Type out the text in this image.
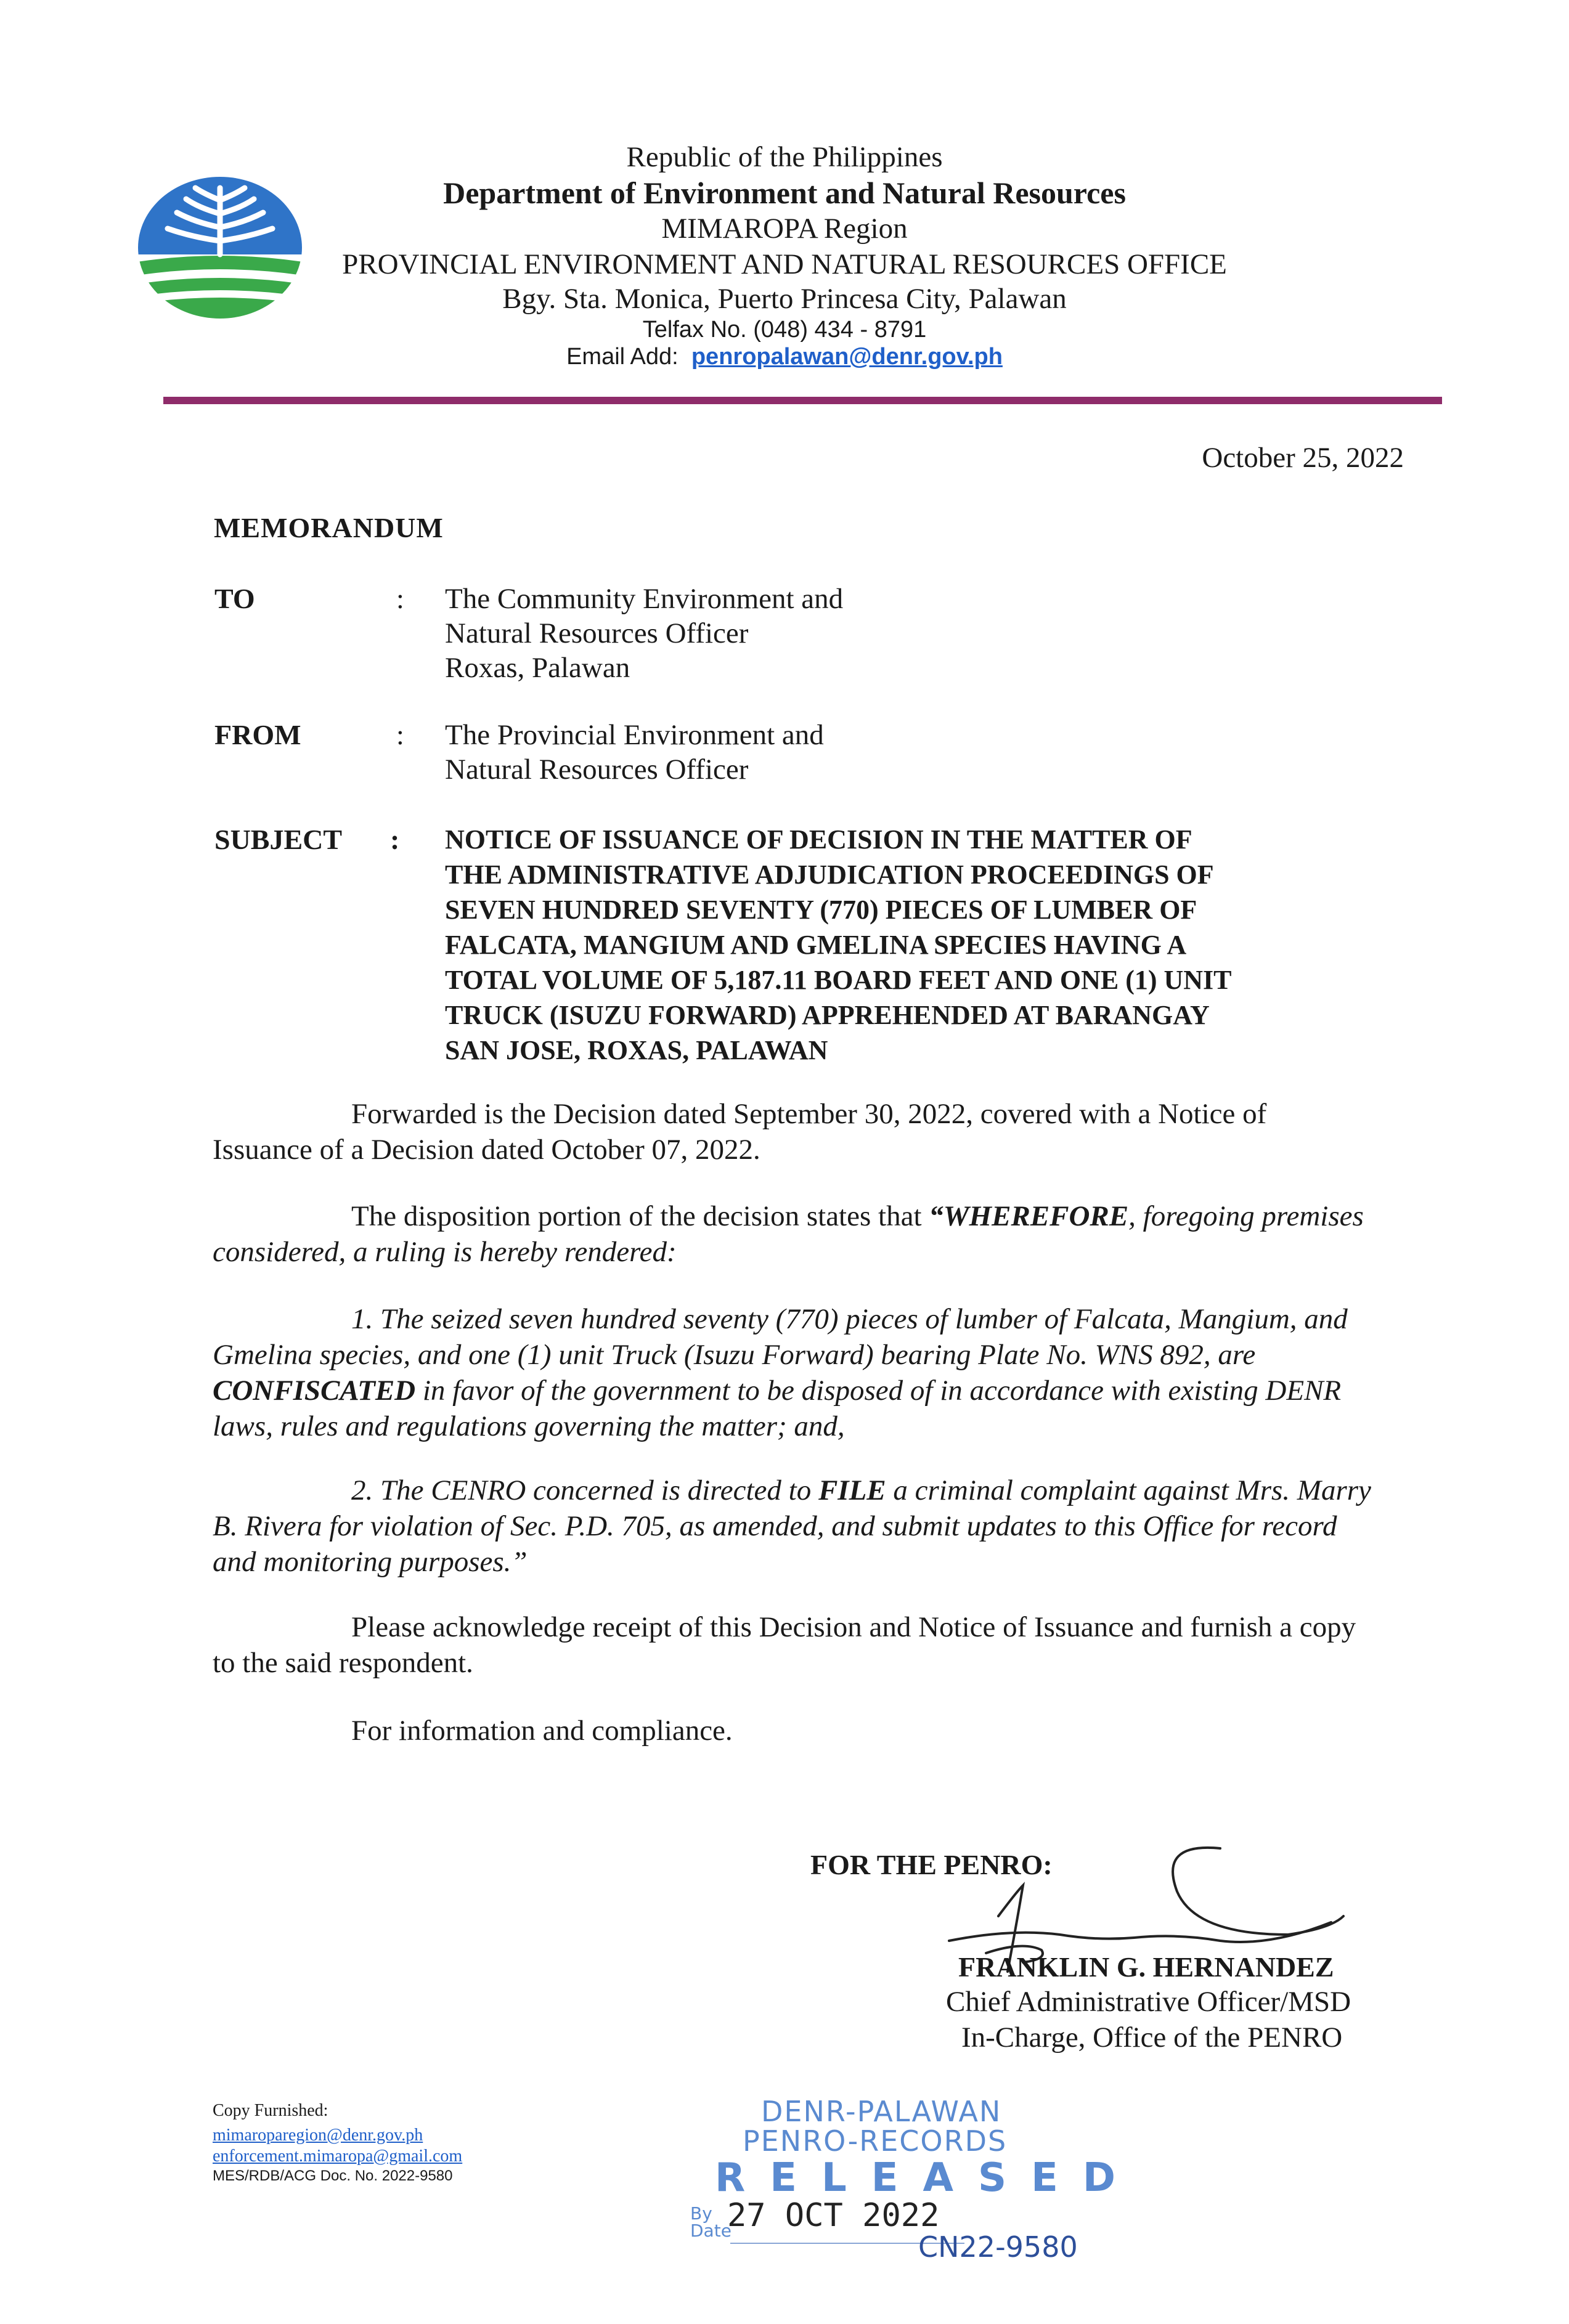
Republic of the Philippines
Department of Environment and Natural Resources
MIMAROPA Region
PROVINCIAL ENVIRONMENT AND NATURAL RESOURCES OFFICE
Bgy. Sta. Monica, Puerto Princesa City, Palawan
Telfax No. (048) 434 - 8791
Email Add: penropalawan@denr.gov.ph
October 25, 2022
MEMORANDUM
TO	: The Community Environment and
Natural Resources Officer
Roxas, Palawan
FROM	: The Provincial Environment and
Natural Resources Officer
SUBJECT : NOTICE OF ISSUANCE OF DECISION IN THE MATTER OF
THE ADMINISTRATIVE ADJUDICATION PROCEEDINGS OF
SEVEN HUNDRED SEVENTY (770) PIECES OF LUMBER OF
FALCATA, MANGIUM AND GMELINA SPECIES HAVING A
TOTAL VOLUME OF 5,187.11 BOARD FEET AND ONE (1) UNIT
TRUCK (ISUZU FORWARD) APPREHENDED AT BARANGAY
SAN JOSE, ROXAS, PALAWAN
Forwarded is the Decision dated September 30, 2022, covered with a Notice of Issuance of a Decision dated October 07, 2022.
The disposition portion of the decision states that “WHEREFORE, foregoing premises considered, a ruling is hereby rendered:
1. The seized seven hundred seventy (770) pieces of lumber of Falcata, Mangium, and Gmelina species, and one (1) unit Truck (Isuzu Forward) bearing Plate No. WNS 892, are CONFISCATED in favor of the government to be disposed of in accordance with existing DENR laws, rules and regulations governing the matter; and,
2. The CENRO concerned is directed to FILE a criminal complaint against Mrs. Marry B. Rivera for violation of Sec. P.D. 705, as amended, and submit updates to this Office for record and monitoring purposes.”
Please acknowledge receipt of this Decision and Notice of Issuance and furnish a copy to the said respondent.
For information and compliance.
FOR THE PENRO:
FRANKLIN G. HERNANDEZ
Chief Administrative Officer/MSD
In-Charge, Office of the PENRO
Copy Furnished:
mimaroparegion@denr.gov.ph
enforcement.mimaropa@gmail.com
MES/RDB/ACG Doc. No. 2022-9580
DENR-PALAWAN
PENRO-RECORDS
RELEASED
By
Date
27 OCT 2022
CN22-9580
